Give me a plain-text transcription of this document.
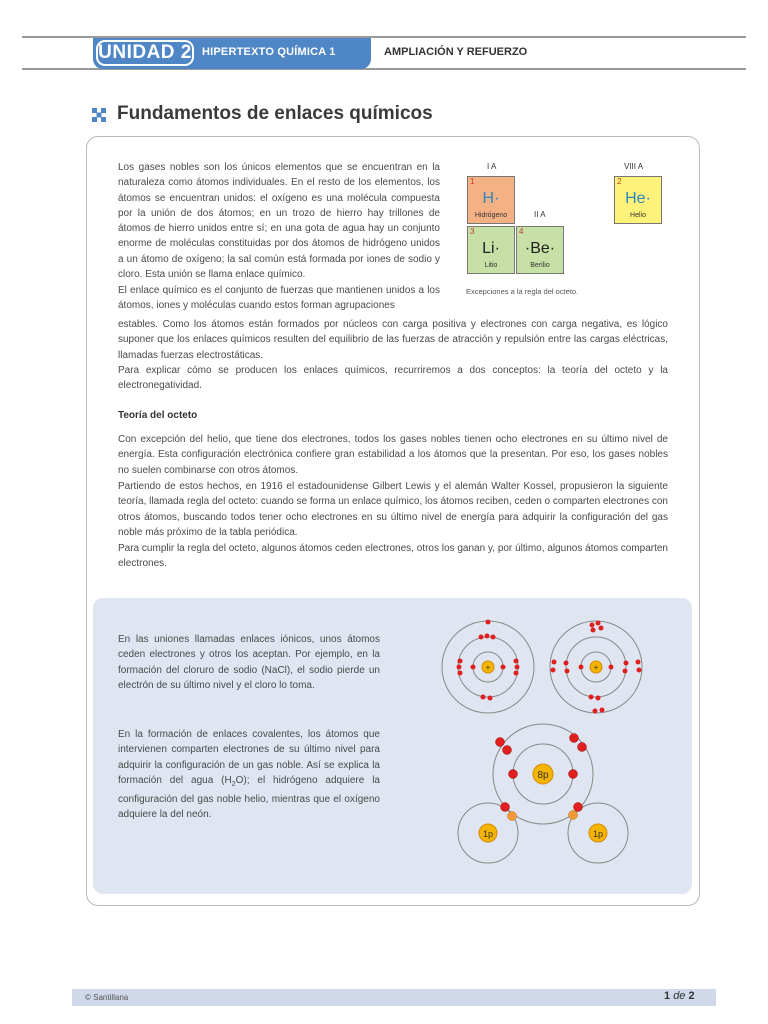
UNIDAD 2 HIPERTEXTO QUÍMICA 1	AMPLIACIÓN Y REFUERZO
Fundamentos de enlaces químicos

Los gases nobles son los únicos elementos que se encuentran en la naturaleza como átomos individuales. En el resto de los elementos, los átomos se encuentran unidos: el oxígeno es una molécula compuesta por la unión de dos átomos; en un trozo de hierro hay trillones de átomos de hierro unidos entre sí; en una gota de agua hay un conjunto enorme de moléculas constituidas por dos átomos de hidrógeno unidos a un átomo de oxígeno; la sal común está formada por iones de sodio y cloro. Esta unión se llama enlace químico.

El enlace químico es el conjunto de fuerzas que mantienen unidos a los átomos, iones y moléculas cuando estos forman agrupaciones

estables. Como los átomos están formados por núcleos con carga positiva y electrones con carga negativa, es lógico suponer que los enlaces químicos resulten del equilibrio de las fuerzas de atracción y repulsión entre las cargas eléctricas, llamadas fuerzas electrostáticas.

Para explicar cómo se producen los enlaces químicos, recurriremos a dos conceptos: la teoría del octeto y la electronegatividad.

I A
II A
VIII A
1
H·
Hidrógeno
2
He·
Helio
3
Li·
Litio
4
·Be·
Berilio
Excepciones a la regla del octeto.
Teoría del octeto

Con excepción del helio, que tiene dos electrones, todos los gases nobles tienen ocho electrones en su último nivel de energía. Esta configuración electrónica confiere gran estabilidad a los átomos que la presentan. Por eso, los gases nobles no suelen combinarse con otros átomos.

Partiendo de estos hechos, en 1916 el estadounidense Gilbert Lewis y el alemán Walter Kossel, propusieron la siguiente teoría, llamada regla del octeto: cuando se forma un enlace químico, los átomos reciben, ceden o comparten electrones con otros átomos, buscando todos tener ocho electrones en su último nivel de energía para adquirir la configuración del gas noble más próximo de la tabla periódica.

Para cumplir la regla del octeto, algunos átomos ceden electrones, otros los ganan y, por último, algunos átomos comparten electrones.

En las uniones llamadas enlaces iónicos, unos átomos ceden electrones y otros los aceptan. Por ejemplo, en la formación del cloruro de sodio (NaCl), el sodio pierde un electrón de su último nivel y el cloro lo toma.

En la formación de enlaces covalentes, los átomos que intervienen comparten electrones de su último nivel para adquirir la configuración de un gas noble. Así se explica la formación del agua $(H_2O)$; el hidrógeno adquiere la configuración del gas noble helio, mientras que el oxígeno adquiere la del neón.

+	+
8p
1p	1p
© Santillana	1 de 2
